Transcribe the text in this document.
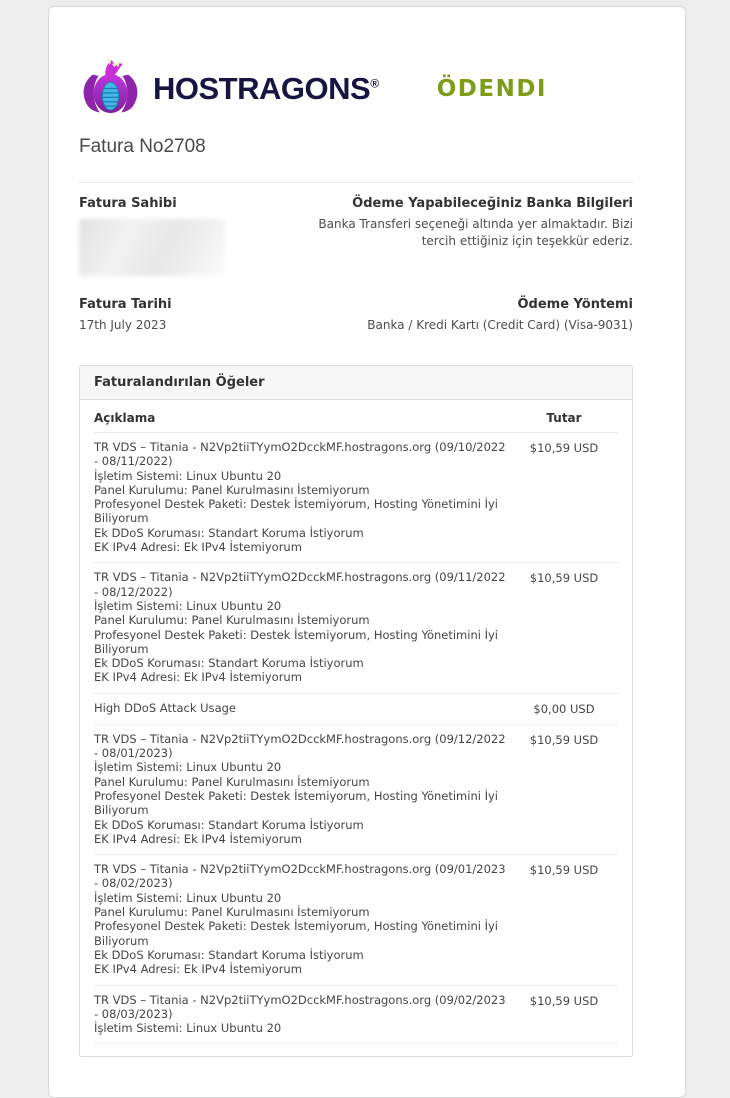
HOSTRAGONS®	ÖDENDI
Fatura No2708
Fatura Sahibi	Ödeme Yapabileceğiniz Banka Bilgileri
Banka Transferi seçeneği altında yer almaktadır. Bizi tercih ettiğiniz için teşekkür ederiz.
Fatura Tarihi
17th July 2023
Ödeme Yöntemi
Banka / Kredi Kartı (Credit Card) (Visa-9031)
Faturalandırılan Öğeler
Açıklama	Tutar

TR VDS – Titania - N2Vp2tiiTYymO2DcckMF.hostragons.org (09/10/2022 - 08/11/2022)
İşletim Sistemi: Linux Ubuntu 20
Panel Kurulumu: Panel Kurulmasını İstemiyorum
Profesyonel Destek Paketi: Destek İstemiyorum, Hosting Yönetimini İyi Biliyorum
Ek DDoS Koruması: Standart Koruma İstiyorum
EK IPv4 Adresi: Ek IPv4 İstemiyorum
	$10,59 USD

TR VDS – Titania - N2Vp2tiiTYymO2DcckMF.hostragons.org (09/11/2022 - 08/12/2022)
İşletim Sistemi: Linux Ubuntu 20
Panel Kurulumu: Panel Kurulmasını İstemiyorum
Profesyonel Destek Paketi: Destek İstemiyorum, Hosting Yönetimini İyi Biliyorum
Ek DDoS Koruması: Standart Koruma İstiyorum
EK IPv4 Adresi: Ek IPv4 İstemiyorum
	$10,59 USD

High DDoS Attack Usage	$0,00 USD

TR VDS – Titania - N2Vp2tiiTYymO2DcckMF.hostragons.org (09/12/2022 - 08/01/2023)
İşletim Sistemi: Linux Ubuntu 20
Panel Kurulumu: Panel Kurulmasını İstemiyorum
Profesyonel Destek Paketi: Destek İstemiyorum, Hosting Yönetimini İyi Biliyorum
Ek DDoS Koruması: Standart Koruma İstiyorum
EK IPv4 Adresi: Ek IPv4 İstemiyorum
	$10,59 USD

TR VDS – Titania - N2Vp2tiiTYymO2DcckMF.hostragons.org (09/01/2023 - 08/02/2023)
İşletim Sistemi: Linux Ubuntu 20
Panel Kurulumu: Panel Kurulmasını İstemiyorum
Profesyonel Destek Paketi: Destek İstemiyorum, Hosting Yönetimini İyi Biliyorum
Ek DDoS Koruması: Standart Koruma İstiyorum
EK IPv4 Adresi: Ek IPv4 İstemiyorum
	$10,59 USD

TR VDS – Titania - N2Vp2tiiTYymO2DcckMF.hostragons.org (09/02/2023 - 08/03/2023)
İşletim Sistemi: Linux Ubuntu 20	$10,59 USD
